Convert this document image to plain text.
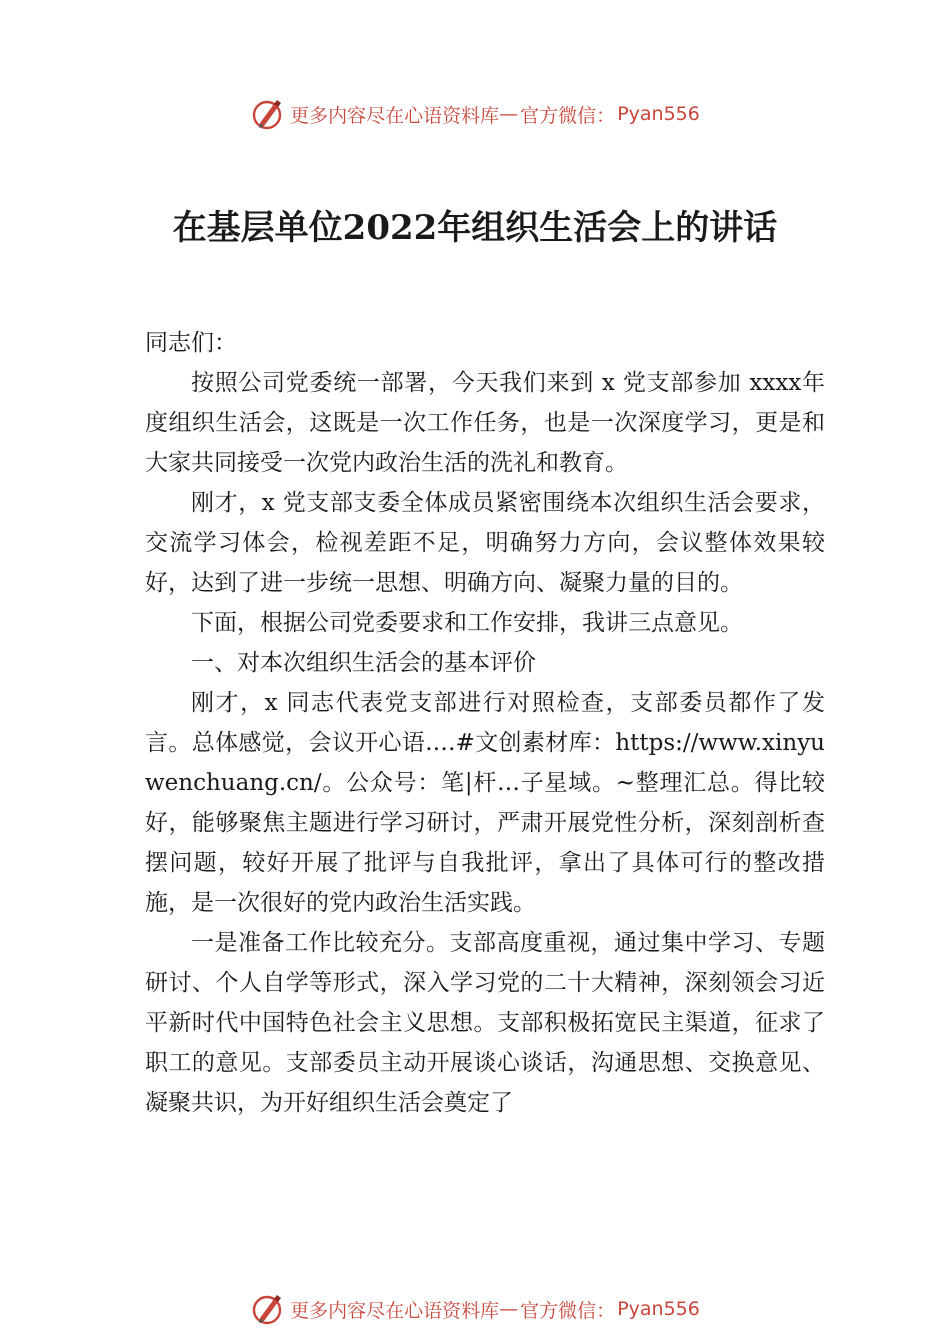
更多内容尽在心语资料库 — 官方微信： Pyan556
在基层单位2022年组织生活会上的讲话

同志们：

按照公司党委统一部署，今天我们来到 x 党支部参加 xxxx年度组织生活会，这既是一次工作任务，也是一次深度学习，更是和大家共同接受一次党内政治生活的洗礼和教育。

刚才，x 党支部支委全体成员紧密围绕本次组织生活会要求，交流学习体会，检视差距不足，明确努力方向，会议整体效果较好，达到了进一步统一思想、明确方向、凝聚力量的目的。

下面，根据公司党委要求和工作安排，我讲三点意见。

一、对本次组织生活会的基本评价

刚才，x 同志代表党支部进行对照检查，支部委员都作了发言。总体感觉，会议开心语.…#文创素材库：https://www.xinyuwenchuang.cn/。公众号：笔|杆…子星域。~整理汇总。得比较好，能够聚焦主题进行学习研讨，严肃开展党性分析，深刻剖析查摆问题，较好开展了批评与自我批评，拿出了具体可行的整改措施，是一次很好的党内政治生活实践。

一是准备工作比较充分。支部高度重视，通过集中学习、专题研讨、个人自学等形式，深入学习党的二十大精神，深刻领会习近平新时代中国特色社会主义思想。支部积极拓宽民主渠道，征求了职工的意见。支部委员主动开展谈心谈话，沟通思想、交换意见、凝聚共识，为开好组织生活会奠定了

更多内容尽在心语资料库 — 官方微信： Pyan556
